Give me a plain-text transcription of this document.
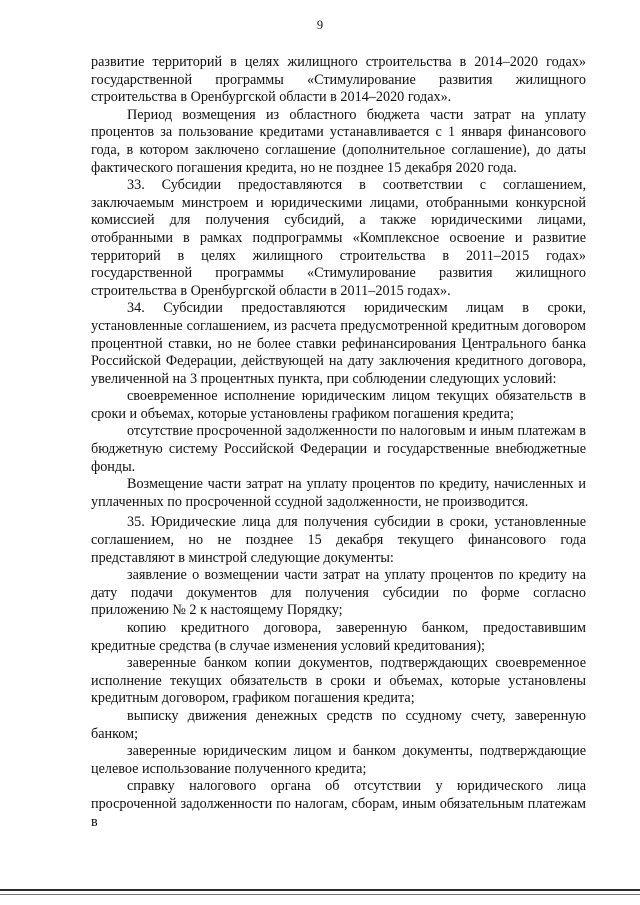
9

развитие территорий в целях жилищного строительства в 2014–2020 годах» государственной программы «Стимулирование развития жилищного строительства в Оренбургской области в 2014–2020 годах».

Период возмещения из областного бюджета части затрат на уплату процентов за пользование кредитами устанавливается с 1 января финансового года, в котором заключено соглашение (дополнительное соглашение), до даты фактического погашения кредита, но не позднее 15 декабря 2020 года.

33. Субсидии предоставляются в соответствии с соглашением, заключаемым минстроем и юридическими лицами, отобранными конкурсной комиссией для получения субсидий, а также юридическими лицами, отобранными в рамках подпрограммы «Комплексное освоение и развитие территорий в целях жилищного строительства в 2011–2015 годах» государственной программы «Стимулирование развития жилищного строительства в Оренбургской области в 2011–2015 годах».

34. Субсидии предоставляются юридическим лицам в сроки, установленные соглашением, из расчета предусмотренной кредитным договором процентной ставки, но не более ставки рефинансирования Центрального банка Российской Федерации, действующей на дату заключения кредитного договора, увеличенной на 3 процентных пункта, при соблюдении следующих условий:

своевременное исполнение юридическим лицом текущих обязательств в сроки и объемах, которые установлены графиком погашения кредита;

отсутствие просроченной задолженности по налоговым и иным платежам в бюджетную систему Российской Федерации и государственные внебюджетные фонды.

Возмещение части затрат на уплату процентов по кредиту, начисленных и уплаченных по просроченной ссудной задолженности, не производится.

35. Юридические лица для получения субсидии в сроки, установленные соглашением, но не позднее 15 декабря текущего финансового года представляют в минстрой следующие документы:

заявление о возмещении части затрат на уплату процентов по кредиту на дату подачи документов для получения субсидии по форме согласно приложению № 2 к настоящему Порядку;

копию кредитного договора, заверенную банком, предоставившим кредитные средства (в случае изменения условий кредитования);

заверенные банком копии документов, подтверждающих своевременное исполнение текущих обязательств в сроки и объемах, которые установлены кредитным договором, графиком погашения кредита;

выписку движения денежных средств по ссудному счету, заверенную банком;

заверенные юридическим лицом и банком документы, подтверждающие целевое использование полученного кредита;

справку налогового органа об отсутствии у юридического лица просроченной задолженности по налогам, сборам, иным обязательным платежам в
